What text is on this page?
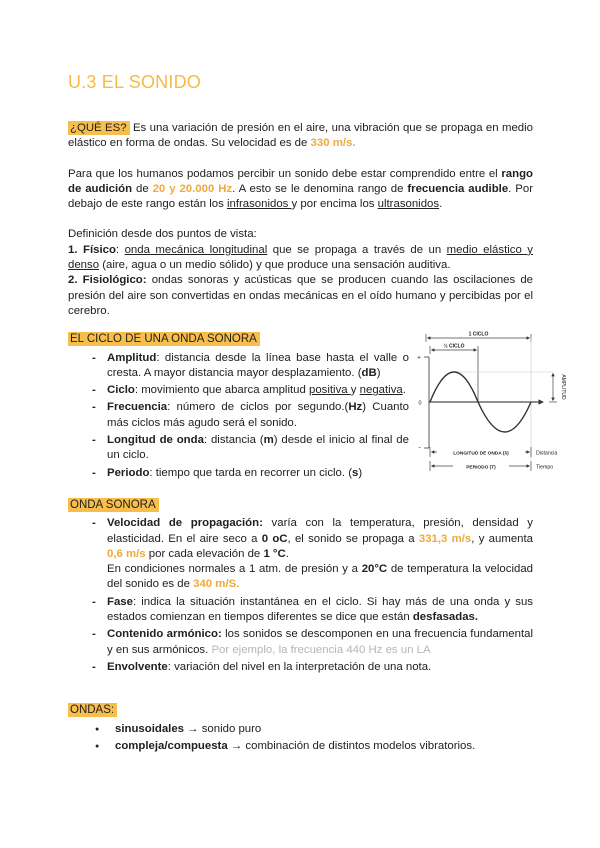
U.3 EL SONIDO

¿QUÉ ES? Es una variación de presión en el aire, una vibración que se propaga en medio elástico en forma de ondas. Su velocidad es de 330 m/s.

Para que los humanos podamos percibir un sonido debe estar comprendido entre el rango de audición de 20 y 20.000 Hz. A esto se le denomina rango de frecuencia audible. Por debajo de este rango están los infrasonidos y por encima los ultrasonidos.

Definición desde dos puntos de vista:

1. Físico: onda mecánica longitudinal que se propaga a través de un medio elástico y denso (aire, agua o un medio sólido) y que produce una sensación auditiva.

2. Fisiológico: ondas sonoras y acústicas que se producen cuando las oscilaciones de presión del aire son convertidas en ondas mecánicas en el oído humano y percibidas por el cerebro.

1 CICLO
½ CICLO
+
0
-
AMPLITUD
LONGITUD DE ONDA (λ)	Distancia
PERIODO (T)	Tiempo
EL CICLO DE UNA ONDA SONORA
- Amplitud: distancia desde la línea base hasta el valle o cresta. A mayor distancia mayor desplazamiento. (dB)
- Ciclo: movimiento que abarca amplitud positiva y negativa.
- Frecuencia: número de ciclos por segundo.(Hz) Cuanto más ciclos más agudo será el sonido.
- Longitud de onda: distancia (m) desde el inicio al final de un ciclo.
- Periodo: tiempo que tarda en recorrer un ciclo. (s)
ONDA SONORA
- Velocidad de propagación: varía con la temperatura, presión, densidad y elasticidad. En el aire seco a 0 oC, el sonido se propaga a 331,3 m/s, y aumenta 0,6 m/s por cada elevación de 1 °C.
En condiciones normales a 1 atm. de presión y a 20°C de temperatura la velocidad del sonido es de 340 m/S.
- Fase: indica la situación instantánea en el ciclo. Si hay más de una onda y sus estados comienzan en tiempos diferentes se dice que están desfasadas.
- Contenido armónico: los sonidos se descomponen en una frecuencia fundamental y en sus armónicos. Por ejemplo, la frecuencia 440 Hz es un LA
- Envolvente: variación del nivel en la interpretación de una nota.
ONDAS:
●	sinusoidales → sonido puro
●	compleja/compuesta → combinación de distintos modelos vibratorios.
